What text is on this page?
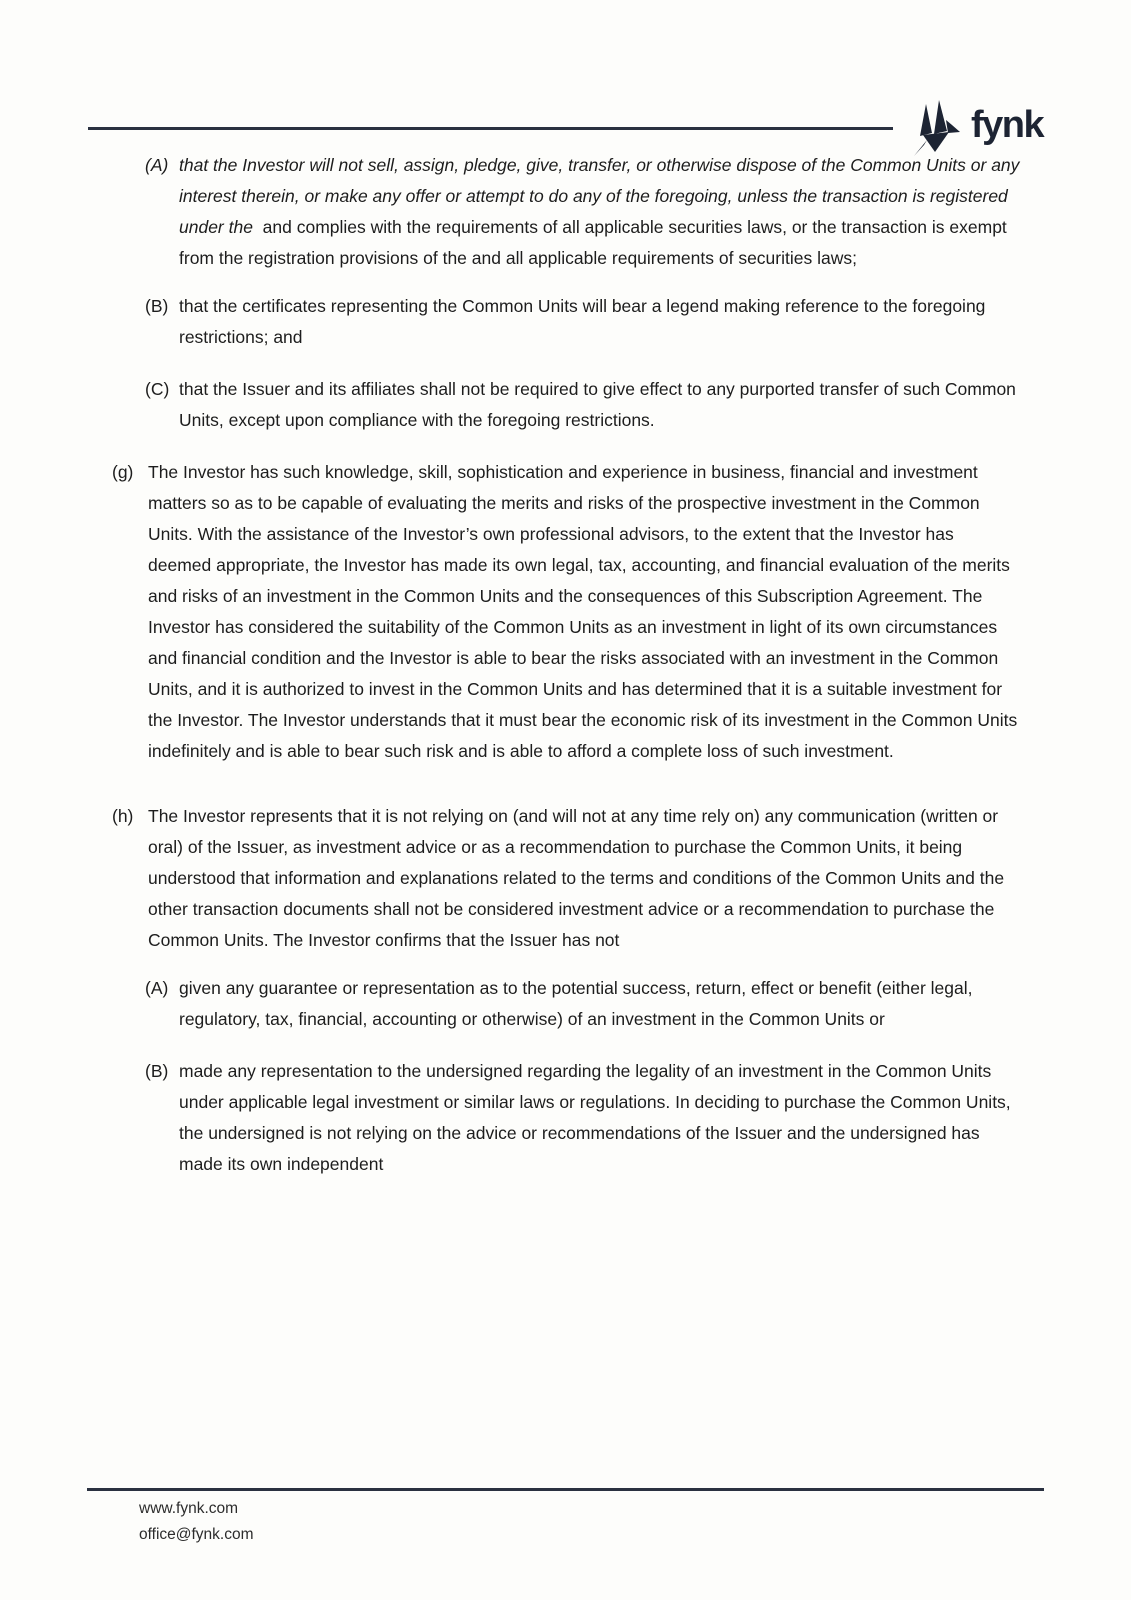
fynk
(A) that the Investor will not sell, assign, pledge, give, transfer, or otherwise dispose of the Common Units or any interest therein, or make any offer or attempt to do any of the foregoing, unless the transaction is registered under the  and complies with the requirements of all applicable securities laws, or the transaction is exempt from the registration provisions of the and all applicable requirements of securities laws;
(B) that the certificates representing the Common Units will bear a legend making reference to the foregoing restrictions; and
(C) that the Issuer and its affiliates shall not be required to give effect to any purported transfer of such Common Units, except upon compliance with the foregoing restrictions.
(g) The Investor has such knowledge, skill, sophistication and experience in business, financial and investment matters so as to be capable of evaluating the merits and risks of the prospective investment in the Common Units. With the assistance of the Investor’s own professional advisors, to the extent that the Investor has deemed appropriate, the Investor has made its own legal, tax, accounting, and financial evaluation of the merits and risks of an investment in the Common Units and the consequences of this Subscription Agreement. The Investor has considered the suitability of the Common Units as an investment in light of its own circumstances and financial condition and the Investor is able to bear the risks associated with an investment in the Common Units, and it is authorized to invest in the Common Units and has determined that it is a suitable investment for the Investor. The Investor understands that it must bear the economic risk of its investment in the Common Units indefinitely and is able to bear such risk and is able to afford a complete loss of such investment.
(h) The Investor represents that it is not relying on (and will not at any time rely on) any communication (written or oral) of the Issuer, as investment advice or as a recommendation to purchase the Common Units, it being understood that information and explanations related to the terms and conditions of the Common Units and the other transaction documents shall not be considered investment advice or a recommendation to purchase the Common Units. The Investor confirms that the Issuer has not
(A) given any guarantee or representation as to the potential success, return, effect or benefit (either legal, regulatory, tax, financial, accounting or otherwise) of an investment in the Common Units or
(B) made any representation to the undersigned regarding the legality of an investment in the Common Units under applicable legal investment or similar laws or regulations. In deciding to purchase the Common Units, the undersigned is not relying on the advice or recommendations of the Issuer and the undersigned has made its own independent
www.fynk.com
office@fynk.com
